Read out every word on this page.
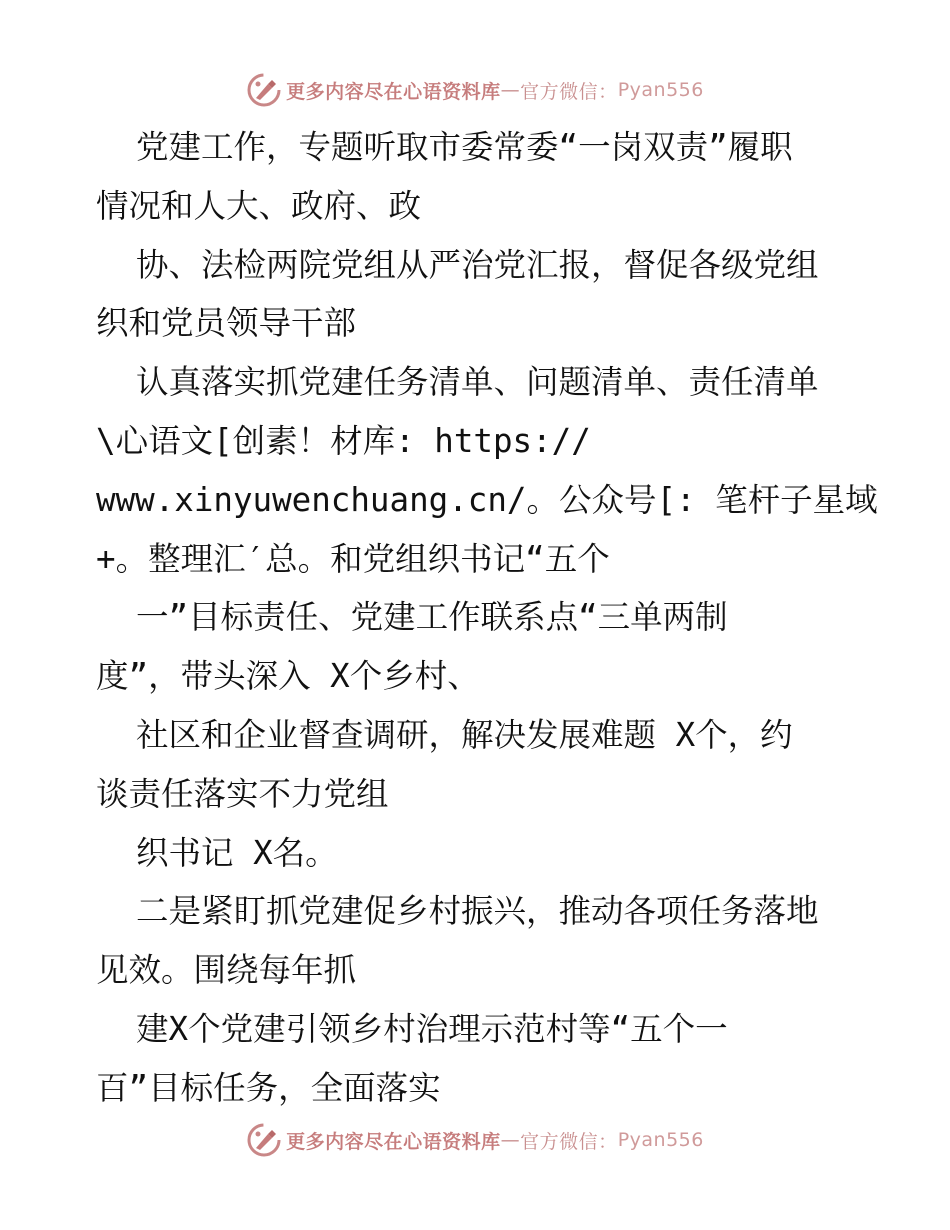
更多内容尽在心语资料库 — 官方微信： Pyan556
党建工作，专题听取市委常委“一岗双责”履职
情况和人大、政府、政
协、法检两院党组从严治党汇报，督促各级党组
织和党员领导干部
认真落实抓党建任务清单、问题清单、责任清单
\心语文[创素！材库: https://
www.xinyuwenchuang.cn/。公众号[: 笔杆子星域
+。整理汇′总。和党组织书记“五个
一”目标责任、党建工作联系点“三单两制
度”，带头深入 X个乡村、
社区和企业督查调研，解决发展难题 X个，约
谈责任落实不力党组
织书记 X名。
二是紧盯抓党建促乡村振兴，推动各项任务落地
见效。围绕每年抓
建X个党建引领乡村治理示范村等“五个一
百”目标任务，全面落实
更多内容尽在心语资料库 — 官方微信： Pyan556
